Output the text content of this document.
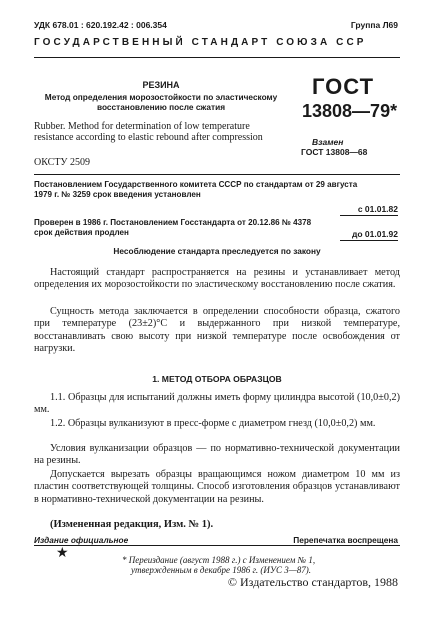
УДК 678.01 : 620.192.42 : 006.354	Группа Л69
ГОСУДАРСТВЕННЫЙ СТАНДАРТ СОЮЗА ССР
РЕЗИНА
Метод определения морозостойкости по эластическому
восстановлению после сжатия
Rubber. Method for determination of low temperature
resistance according to elastic rebound after compression
ГОСТ
13808—79*
Взамен
ГОСТ 13808—68
ОКСТУ 2509
Постановлением Государственного комитета СССР по стандартам от 29 августа
1979 г. № 3259 срок введения установлен
с 01.01.82
Проверен в 1986 г. Постановлением Госстандарта от 20.12.86 № 4378
срок действия продлен	до 01.01.92
Несоблюдение стандарта преследуется по закону
Настоящий стандарт распространяется на резины и устанавливает метод определения их морозостойкости по эластическому восстановлению после сжатия.
Сущность метода заключается в определении способности образца, сжатого при температуре (23±2)°С и выдержанного при низкой температуре, восстанавливать свою высоту при низкой температуре после освобождения от нагрузки.
1. МЕТОД ОТБОРА ОБРАЗЦОВ
1.1. Образцы для испытаний должны иметь форму цилиндра высотой (10,0±0,2) мм.
1.2. Образцы вулканизуют в пресс-форме с диаметром гнезд (10,0±0,2) мм.
Условия вулканизации образцов — по нормативно-технической документации на резины.
Допускается вырезать образцы вращающимся ножом диаметром 10 мм из пластин соответствующей толщины. Способ изготовления образцов устанавливают в нормативно-технической документации на резины.
(Измененная редакция, Изм. № 1).
Издание официальное	Перепечатка воспрещена
★	* Переиздание (август 1988 г.) с Изменением № 1,
утвержденным в декабре 1986 г. (ИУС 3—87).
© Издательство стандартов, 1988
